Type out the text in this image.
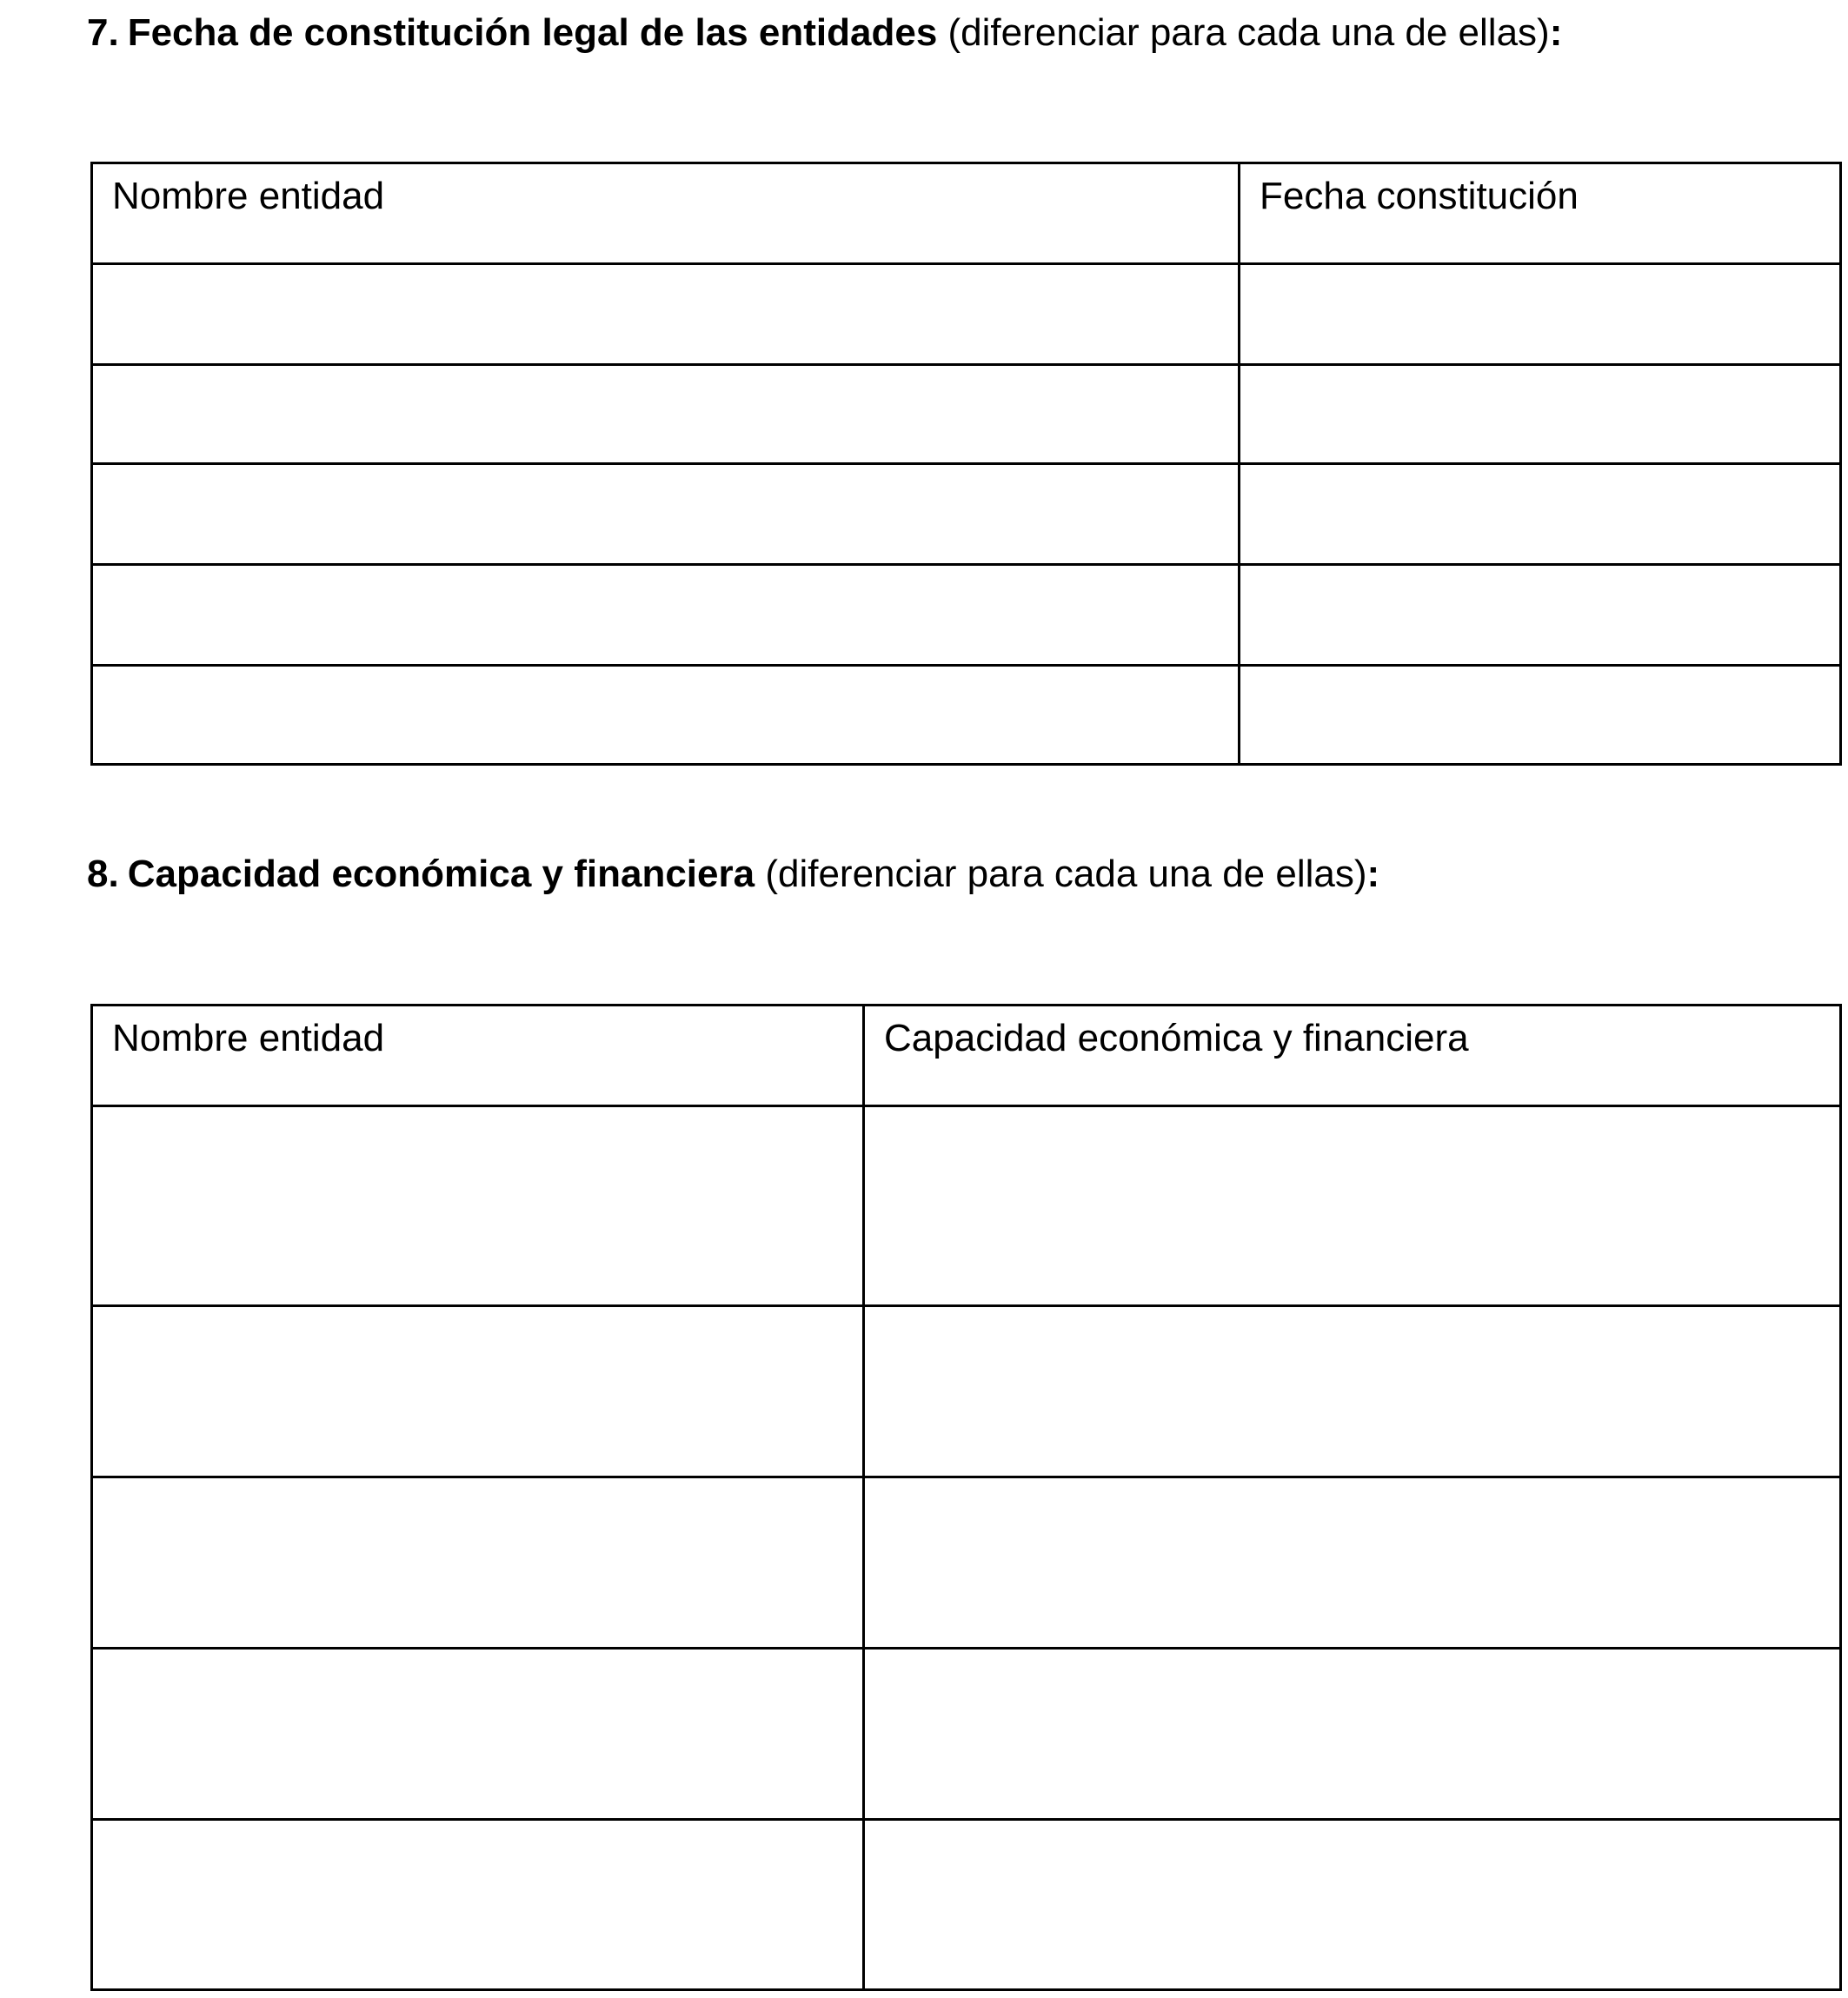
7. Fecha de constitución legal de las entidades (diferenciar para cada una de ellas):
Nombre entidad	Fecha constitución

8. Capacidad económica y financiera (diferenciar para cada una de ellas):
Nombre entidad	Capacidad económica y financiera
